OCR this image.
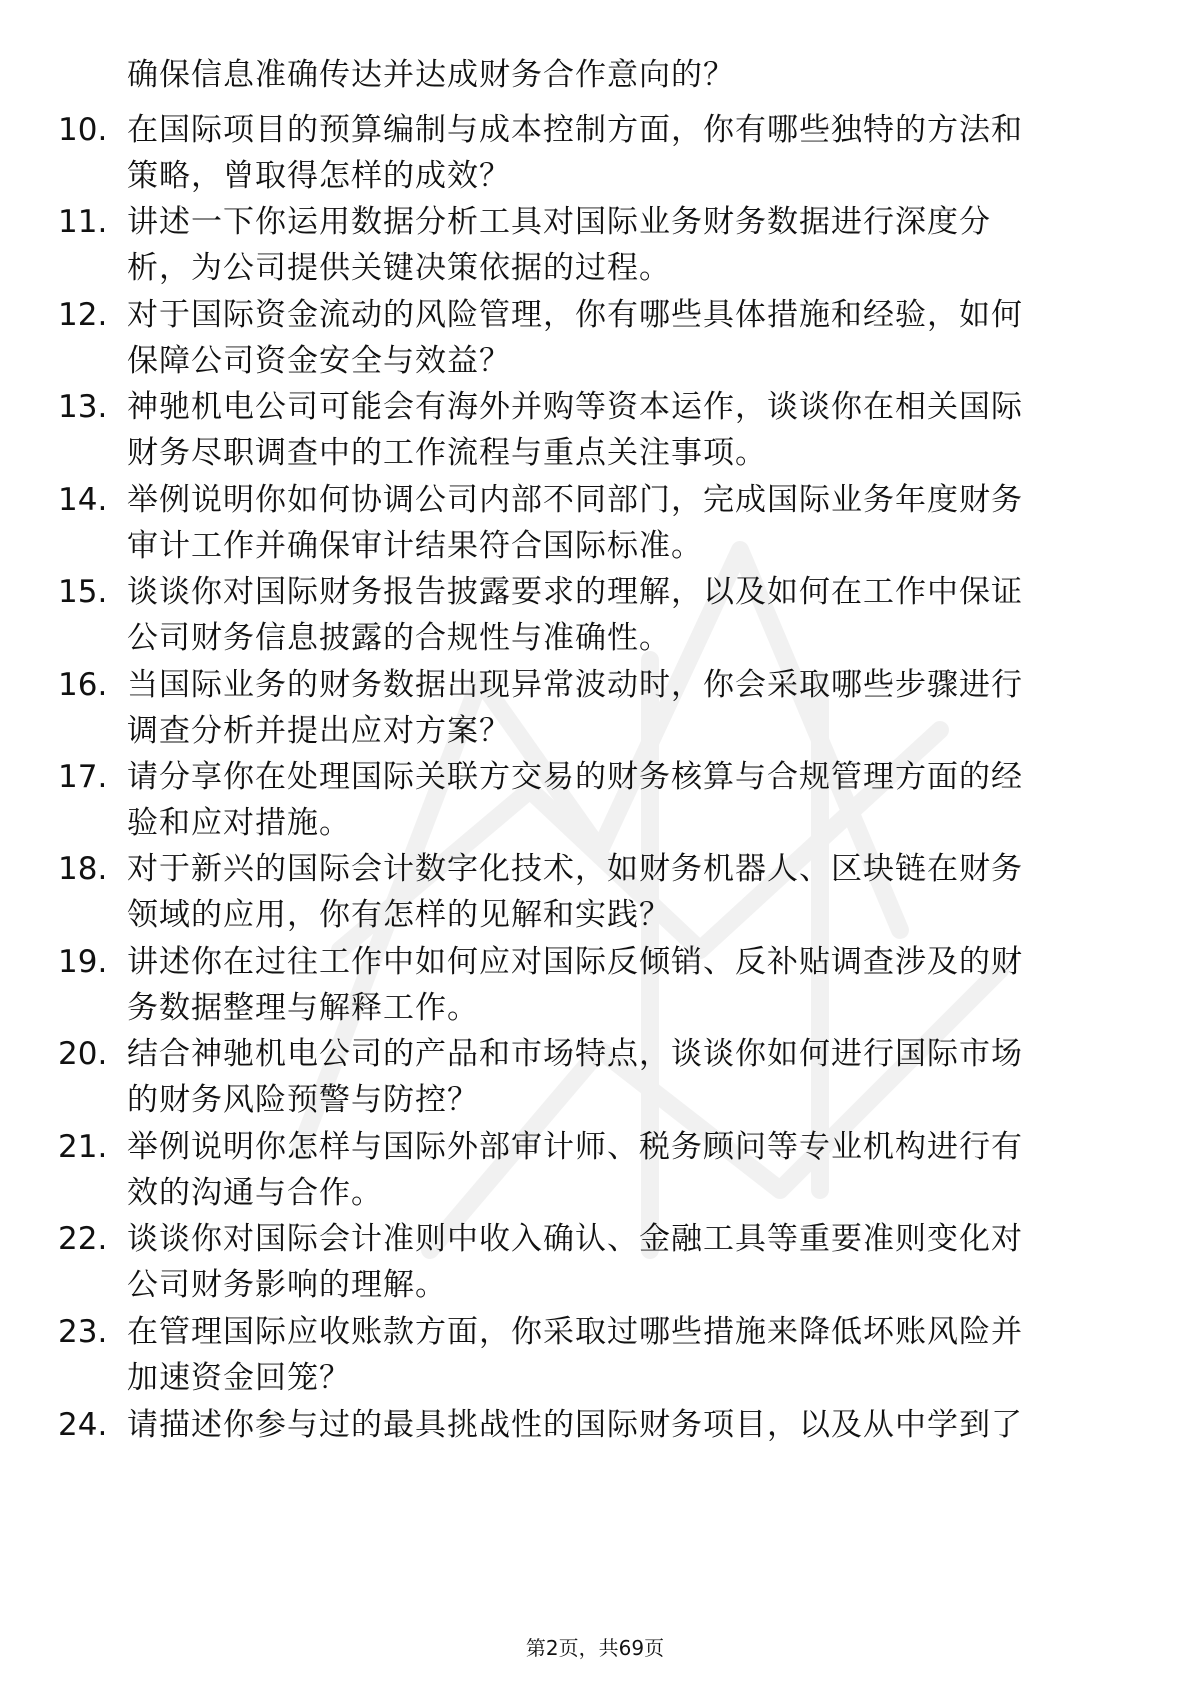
确保信息准确传达并达成财务合作意向的？
10. 在国际项目的预算编制与成本控制方面，你有哪些独特的方法和
策略，曾取得怎样的成效？
11. 讲述一下你运用数据分析工具对国际业务财务数据进行深度分
析，为公司提供关键决策依据的过程。
12. 对于国际资金流动的风险管理，你有哪些具体措施和经验，如何
保障公司资金安全与效益？
13. 神驰机电公司可能会有海外并购等资本运作，谈谈你在相关国际
财务尽职调查中的工作流程与重点关注事项。
14. 举例说明你如何协调公司内部不同部门，完成国际业务年度财务
审计工作并确保审计结果符合国际标准。
15. 谈谈你对国际财务报告披露要求的理解，以及如何在工作中保证
公司财务信息披露的合规性与准确性。
16. 当国际业务的财务数据出现异常波动时，你会采取哪些步骤进行
调查分析并提出应对方案？
17. 请分享你在处理国际关联方交易的财务核算与合规管理方面的经
验和应对措施。
18. 对于新兴的国际会计数字化技术，如财务机器人、区块链在财务
领域的应用，你有怎样的见解和实践？
19. 讲述你在过往工作中如何应对国际反倾销、反补贴调查涉及的财
务数据整理与解释工作。
20. 结合神驰机电公司的产品和市场特点，谈谈你如何进行国际市场
的财务风险预警与防控？
21. 举例说明你怎样与国际外部审计师、税务顾问等专业机构进行有
效的沟通与合作。
22. 谈谈你对国际会计准则中收入确认、金融工具等重要准则变化对
公司财务影响的理解。
23. 在管理国际应收账款方面，你采取过哪些措施来降低坏账风险并
加速资金回笼？
24. 请描述你参与过的最具挑战性的国际财务项目，以及从中学到了
第2页，共69页
